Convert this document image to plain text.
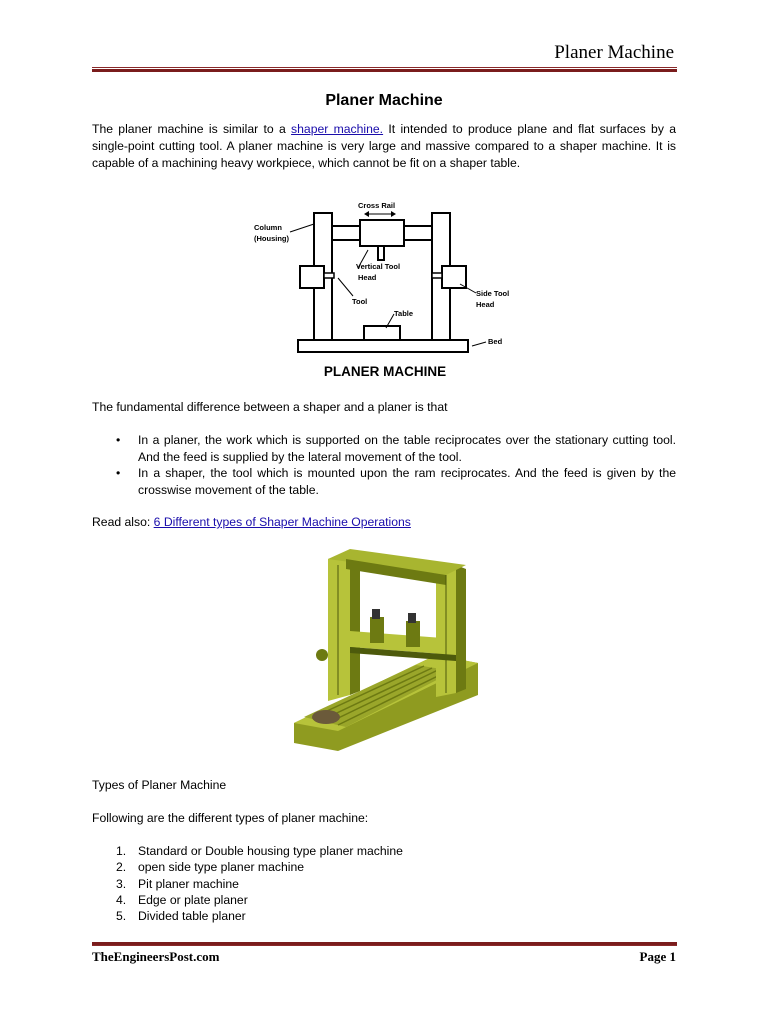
Planer Machine
Planer Machine

The planer machine is similar to a shaper machine. It intended to produce plane and flat surfaces by a single-point cutting tool. A planer machine is very large and massive compared to a shaper machine. It is capable of a machining heavy workpiece, which cannot be fit on a shaper table.

Cross Rail
Column
(Housing)
Vertical Tool
Head
Tool
Table
Side Tool
Head
Bed
PLANER MACHINE

The fundamental difference between a shaper and a planer is that

• In a planer, the work which is supported on the table reciprocates over the stationary cutting tool. And the feed is supplied by the lateral movement of the tool.
• In a shaper, the tool which is mounted upon the ram reciprocates. And the feed is given by the crosswise movement of the table.

Read also: 6 Different types of Shaper Machine Operations

Types of Planer Machine

Following are the different types of planer machine:

1. Standard or Double housing type planer machine
2. open side type planer machine
3. Pit planer machine
4. Edge or plate planer
5. Divided table planer
TheEngineersPost.com	Page 1
